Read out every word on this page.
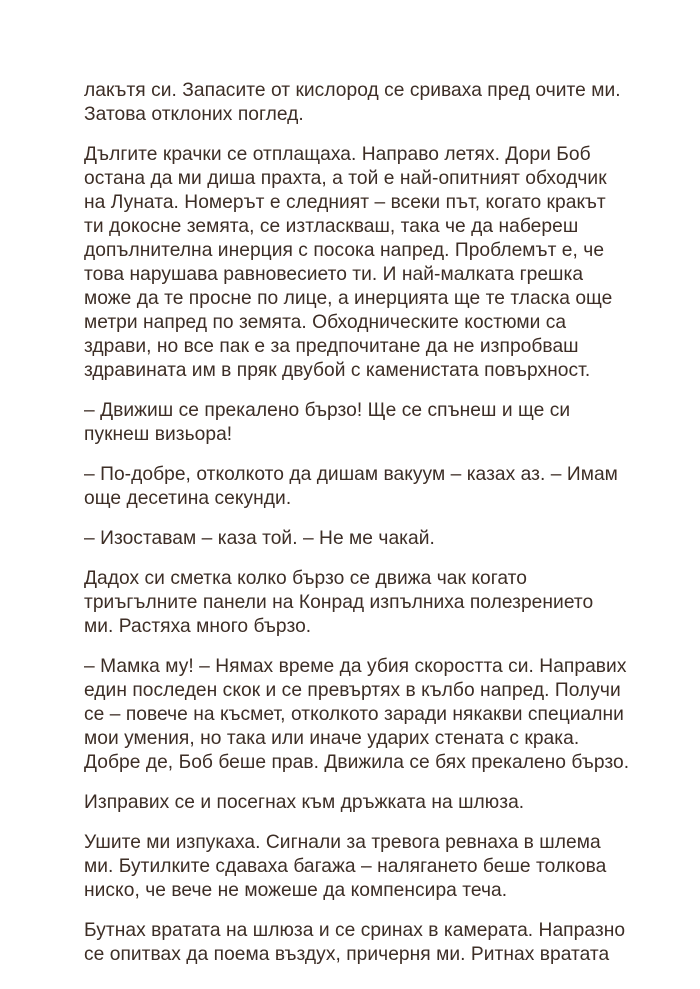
лакътя си. Запасите от кислород се сриваха пред очите ми.
Затова отклоних поглед.

Дългите крачки се отплащаха. Направо летях. Дори Боб
остана да ми диша прахта, а той е най-опитният обходчик
на Луната. Номерът е следният – всеки път, когато кракът
ти докосне земята, се изтласкваш, така че да набереш
допълнителна инерция с посока напред. Проблемът е, че
това нарушава равновесието ти. И най-малката грешка
може да те просне по лице, а инерцията ще те тласка още
метри напред по земята. Обходническите костюми са
здрави, но все пак е за предпочитане да не изпробваш
здравината им в пряк двубой с каменистата повърхност.

– Движиш се прекалено бързо! Ще се спънеш и ще си
пукнеш визьора!

– По-добре, отколкото да дишам вакуум – казах аз. – Имам
още десетина секунди.

– Изоставам – каза той. – Не ме чакай.

Дадох си сметка колко бързо се движа чак когато
триъгълните панели на Конрад изпълниха полезрението
ми. Растяха много бързо.

– Мамка му! – Нямах време да убия скоростта си. Направих
един последен скок и се превъртях в кълбо напред. Получи
се – повече на късмет, отколкото заради някакви специални
мои умения, но така или иначе ударих стената с крака.
Добре де, Боб беше прав. Движила се бях прекалено бързо.

Изправих се и посегнах към дръжката на шлюза.

Ушите ми изпукаха. Сигнали за тревога ревнаха в шлема
ми. Бутилките сдаваха багажа – налягането беше толкова
ниско, че вече не можеше да компенсира теча.

Бутнах вратата на шлюза и се сринах в камерата. Напразно
се опитвах да поема въздух, причерня ми. Ритнах вратата
